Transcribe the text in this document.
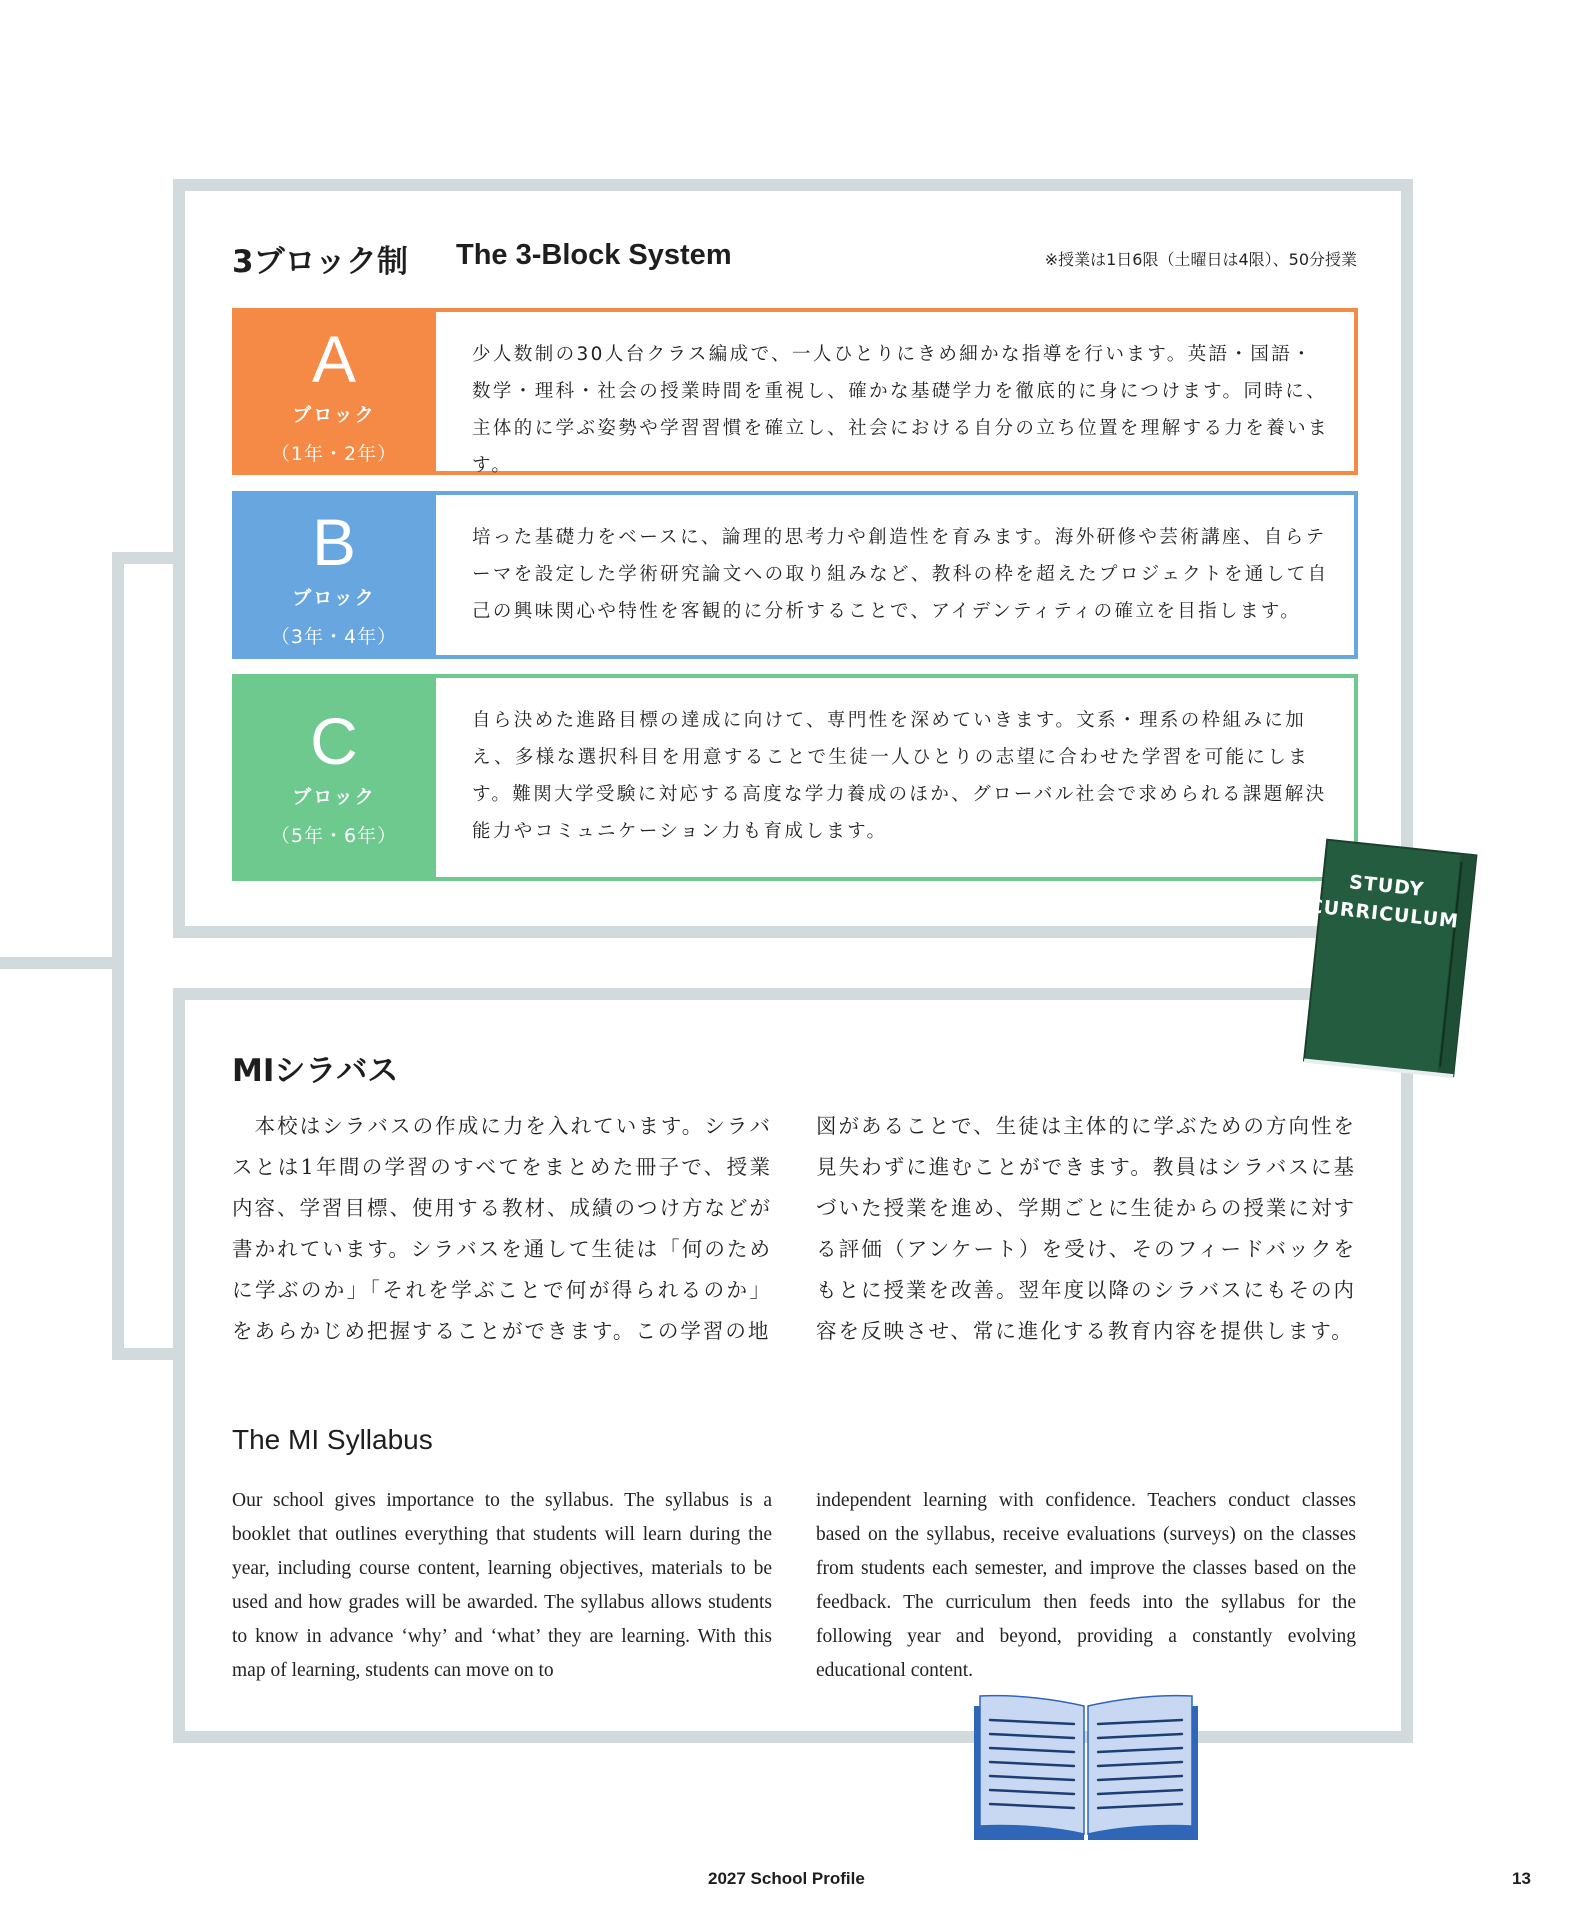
3ブロック制 The 3-Block System	※授業は1日6限（土曜日は4限）、50分授業
A
ブロック
（1年・2年）
少人数制の30人台クラス編成で、一人ひとりにきめ細かな指導を行います。英語・国語・数学・理科・社会の授業時間を重視し、確かな基礎学力を徹底的に身につけます。同時に、主体的に学ぶ姿勢や学習習慣を確立し、社会における自分の立ち位置を理解する力を養います。
B
ブロック
（3年・4年）
培った基礎力をベースに、論理的思考力や創造性を育みます。海外研修や芸術講座、自らテーマを設定した学術研究論文への取り組みなど、教科の枠を超えたプロジェクトを通して自己の興味関心や特性を客観的に分析することで、アイデンティティの確立を目指します。
C
ブロック
（5年・6年）
自ら決めた進路目標の達成に向けて、専門性を深めていきます。文系・理系の枠組みに加え、多様な選択科目を用意することで生徒一人ひとりの志望に合わせた学習を可能にします。難関大学受験に対応する高度な学力養成のほか、グローバル社会で求められる課題解決能力やコミュニケーション力も育成します。
MIシラバス
　本校はシラバスの作成に力を入れています。シラバスとは1年間の学習のすべてをまとめた冊子で、授業内容、学習目標、使用する教材、成績のつけ方などが書かれています。シラバスを通して生徒は「何のために学ぶのか」「それを学ぶことで何が得られるのか」をあらかじめ把握することができます。この学習の地
図があることで、生徒は主体的に学ぶための方向性を見失わずに進むことができます。教員はシラバスに基づいた授業を進め、学期ごとに生徒からの授業に対する評価（アンケート）を受け、そのフィードバックをもとに授業を改善。翌年度以降のシラバスにもその内容を反映させ、常に進化する教育内容を提供します。
The MI Syllabus
Our school gives importance to the syllabus. The syllabus is a booklet that outlines everything that students will learn during the year, including course content, learning objectives, materials to be used and how grades will be awarded. The syllabus allows students to know in advance ‘why’ and ‘what’ they are learning. With this map of learning, students can move on to
independent learning with confidence. Teachers conduct classes based on the syllabus, receive evaluations (surveys) on the classes from students each semester, and improve the classes based on the feedback. The curriculum then feeds into the syllabus for the following year and beyond, providing a constantly evolving educational content.
STUDY
CURRICULUM
2027 School Profile	13
